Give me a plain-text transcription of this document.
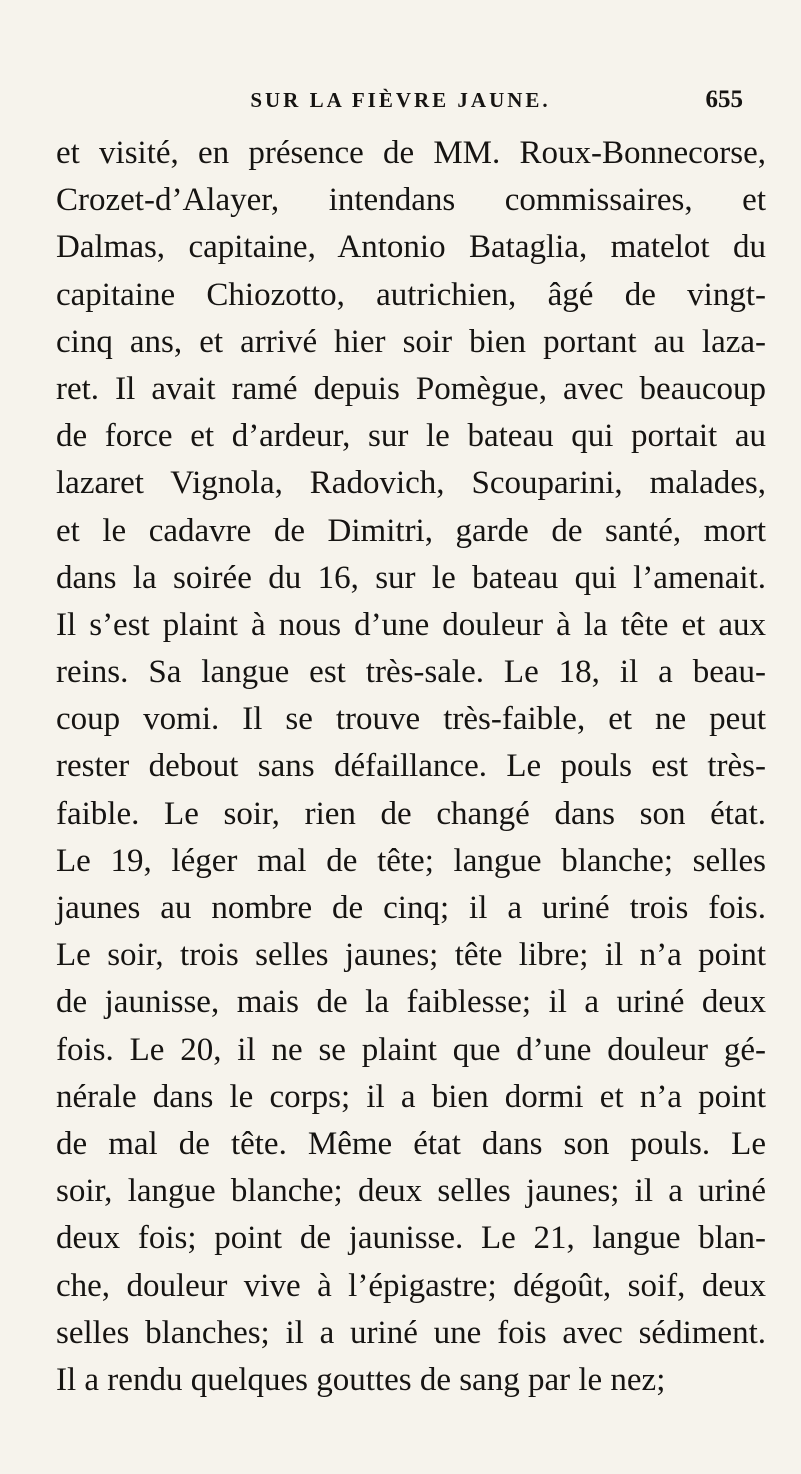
SUR LA FIÈVRE JAUNE.	655
et visité, en présence de MM. Roux-Bonnecorse,
Crozet-d’Alayer, intendans commissaires, et
Dalmas, capitaine, Antonio Bataglia, matelot du
capitaine Chiozotto, autrichien, âgé de vingt-
cinq ans, et arrivé hier soir bien portant au laza-
ret. Il avait ramé depuis Pomègue, avec beaucoup
de force et d’ardeur, sur le bateau qui portait au
lazaret Vignola, Radovich, Scouparini, malades,
et le cadavre de Dimitri, garde de santé, mort
dans la soirée du 16, sur le bateau qui l’amenait.
Il s’est plaint à nous d’une douleur à la tête et aux
reins. Sa langue est très-sale. Le 18, il a beau-
coup vomi. Il se trouve très-faible, et ne peut
rester debout sans défaillance. Le pouls est très-
faible. Le soir, rien de changé dans son état.
Le 19, léger mal de tête; langue blanche; selles
jaunes au nombre de cinq; il a uriné trois fois.
Le soir, trois selles jaunes; tête libre; il n’a point
de jaunisse, mais de la faiblesse; il a uriné deux
fois. Le 20, il ne se plaint que d’une douleur gé-
nérale dans le corps; il a bien dormi et n’a point
de mal de tête. Même état dans son pouls. Le
soir, langue blanche; deux selles jaunes; il a uriné
deux fois; point de jaunisse. Le 21, langue blan-
che, douleur vive à l’épigastre; dégoût, soif, deux
selles blanches; il a uriné une fois avec sédiment.
Il a rendu quelques gouttes de sang par le nez;
